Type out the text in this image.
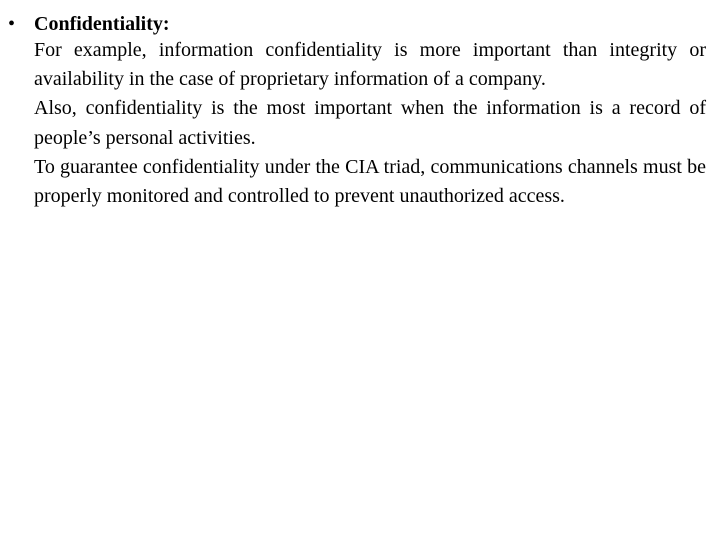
• Confidentiality:

For example, information confidentiality is more important than integrity or availability in the case of proprietary information of a company.

Also, confidentiality is the most important when the information is a record of people’s personal activities.

To guarantee confidentiality under the CIA triad, communications channels must be properly monitored and controlled to prevent unauthorized access.
